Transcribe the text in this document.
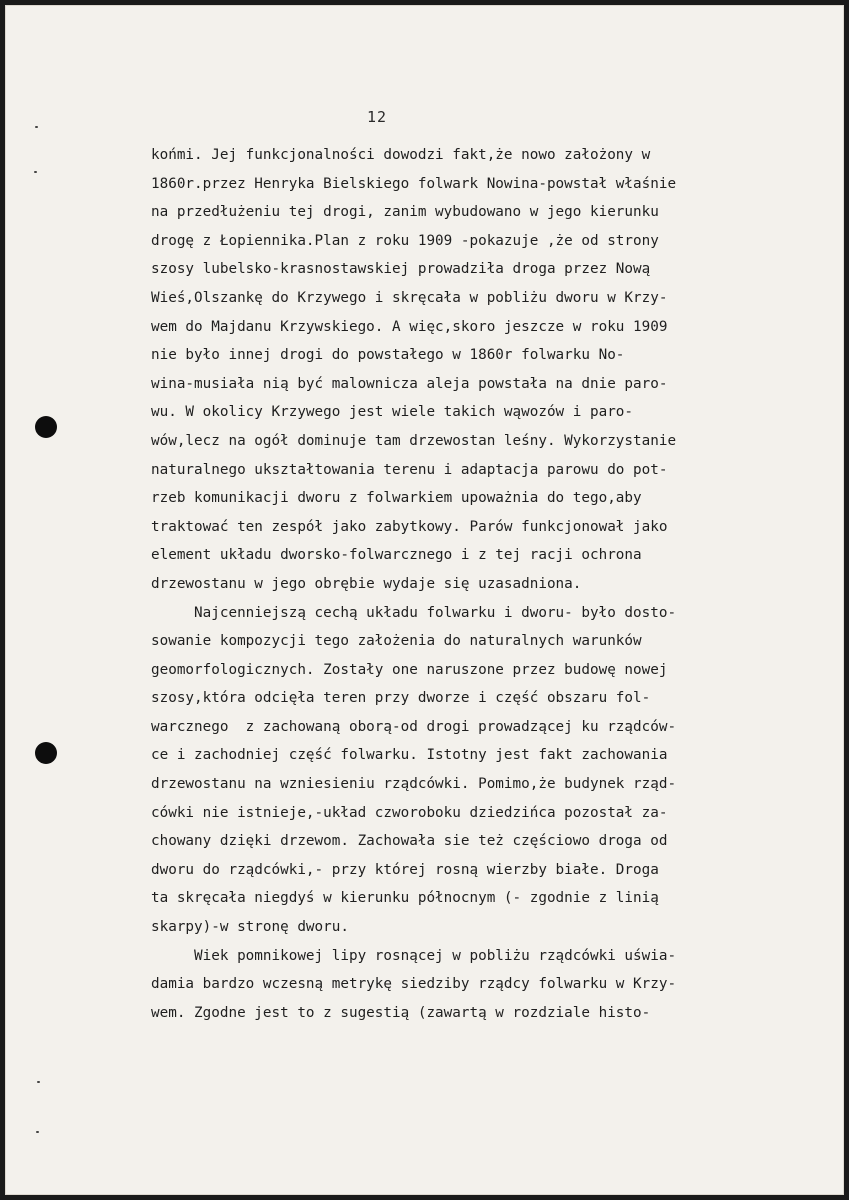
12
końmi. Jej funkcjonalności dowodzi fakt,że nowo założony w
1860r.przez Henryka Bielskiego folwark Nowina-powstał właśnie
na przedłużeniu tej drogi, zanim wybudowano w jego kierunku
drogę z Łopiennika.Plan z roku 1909 -pokazuje ,że od strony
szosy lubelsko-krasnostawskiej prowadziła droga przez Nową
Wieś,Olszankę do Krzywego i skręcała w pobliżu dworu w Krzy-
wem do Majdanu Krzywskiego. A więc,skoro jeszcze w roku 1909
nie było innej drogi do powstałego w 1860r folwarku No-
wina-musiała nią być malownicza aleja powstała na dnie paro-
wu. W okolicy Krzywego jest wiele takich wąwozów i paro-
wów,lecz na ogół dominuje tam drzewostan leśny. Wykorzystanie
naturalnego ukształtowania terenu i adaptacja parowu do pot-
rzeb komunikacji dworu z folwarkiem upoważnia do tego,aby
traktować ten zespół jako zabytkowy. Parów funkcjonował jako
element układu dworsko-folwarcznego i z tej racji ochrona
drzewostanu w jego obrębie wydaje się uzasadniona.
Najcenniejszą cechą układu folwarku i dworu- było dosto-
sowanie kompozycji tego założenia do naturalnych warunków
geomorfologicznych. Zostały one naruszone przez budowę nowej
szosy,która odcięła teren przy dworze i część obszaru fol-
warcznego  z zachowaną oborą-od drogi prowadzącej ku rządców-
ce i zachodniej część folwarku. Istotny jest fakt zachowania
drzewostanu na wzniesieniu rządcówki. Pomimo,że budynek rząd-
cówki nie istnieje,-układ czworoboku dziedzińca pozostał za-
chowany dzięki drzewom. Zachowała sie też częściowo droga od
dworu do rządcówki,- przy której rosną wierzby białe. Droga
ta skręcała niegdyś w kierunku północnym (- zgodnie z linią
skarpy)-w stronę dworu.
Wiek pomnikowej lipy rosnącej w pobliżu rządcówki uświa-
damia bardzo wczesną metrykę siedziby rządcy folwarku w Krzy-
wem. Zgodne jest to z sugestią (zawartą w rozdziale histo-
